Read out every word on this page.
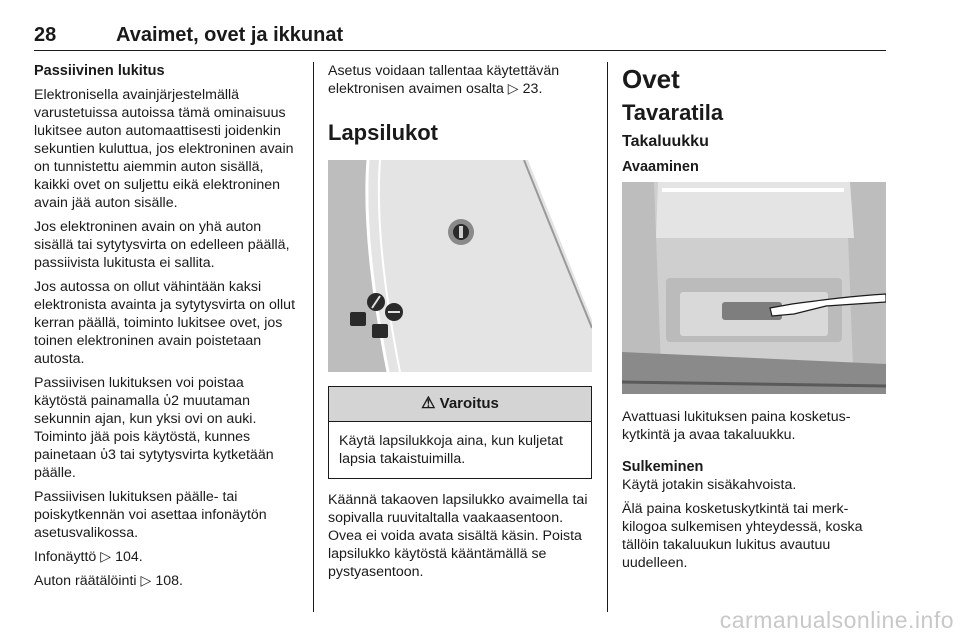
28	Avaimet, ovet ja ikkunat
Passiivinen lukitus

Elektronisella avainjärjestelmällä varustetuissa autoissa tämä ominaisuus lukitsee auton automaattisesti joidenkin sekuntien kuluttua, jos elektroninen avain on tunnistettu aiemmin auton sisällä, kaikki ovet on suljettu eikä elektroninen avain jää auton sisälle.

Jos elektroninen avain on yhä auton sisällä tai sytytysvirta on edelleen päällä, passiivista lukitusta ei sallita.

Jos autossa on ollut vähintään kaksi elektronista avainta ja sytytysvirta on ollut kerran päällä, toiminto lukitsee ovet, jos toinen elektroninen avain poistetaan autosta.

Passiivisen lukituksen voi poistaa käytöstä painamalla ὑ2 muutaman sekunnin ajan, kun yksi ovi on auki. Toiminto jää pois käytöstä, kunnes painetaan ὑ3 tai sytytysvirta kytketään päälle.

Passiivisen lukituksen päälle- tai poiskytkennän voi asettaa infonäytön asetusvalikossa.

Infonäyttö ▷ 104.

Auton räätälöinti ▷ 108.

Asetus voidaan tallentaa käytettävän elektronisen avaimen osalta ▷ 23.

Lapsilukot
⚠ Varoitus
Käytä lapsilukkoja aina, kun kuljetat lapsia takaistuimilla.

Käännä takaoven lapsilukko avaimella tai sopivalla ruuvitaltalla vaakaasentoon. Ovea ei voida avata sisältä käsin. Poista lapsilukko käytöstä kääntämällä se pystyasentoon.

Ovet
Tavaratila
Takaluukku
Avaaminen

Avattuasi lukituksen paina kosketuskytkintä ja avaa takaluukku.

Sulkeminen

Käytä jotakin sisäkahvoista.

Älä paina kosketuskytkintä tai merkkilogoa sulkemisen yhteydessä, koska tällöin takaluukun lukitus avautuu uudelleen.

carmanualsonline.info
